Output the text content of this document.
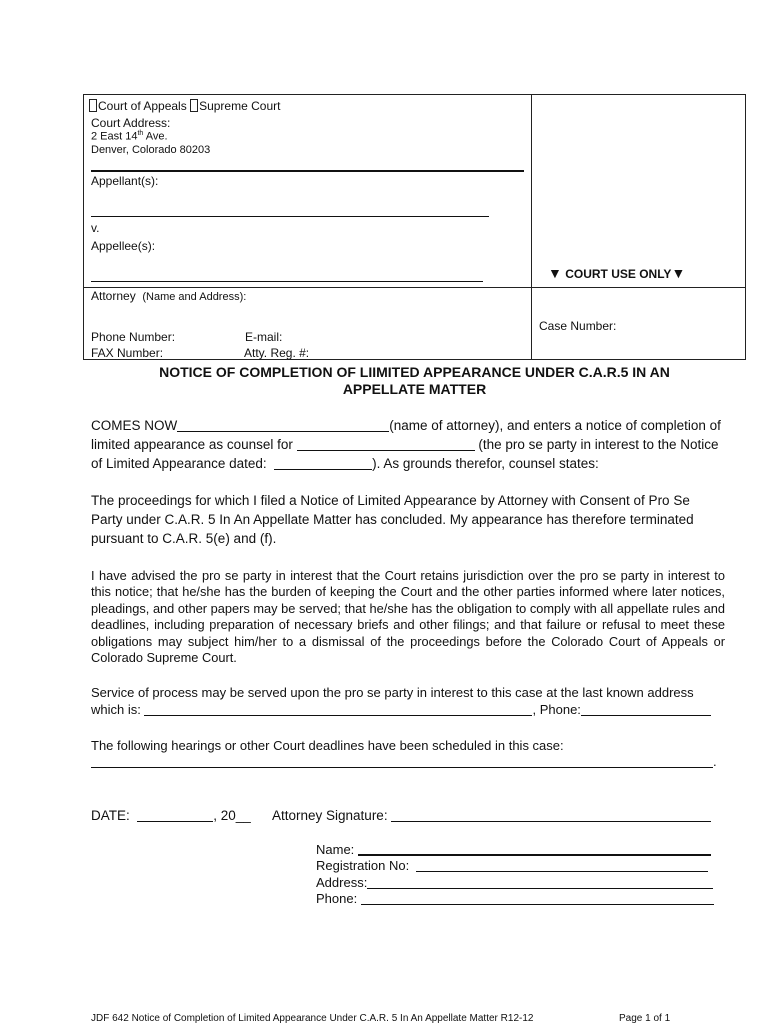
Court of Appeals Supreme Court
Court Address:
2 East 14th Ave.
Denver, Colorado 80203
Appellant(s):
v.
Appellee(s):
▼ COURT USE ONLY▼
Attorney (Name and Address):
Phone Number:	E-mail:
FAX Number:	Atty. Reg. #:
Case Number:
NOTICE OF COMPLETION OF LIIMITED APPEARANCE UNDER C.A.R.5 IN AN
APPELLATE MATTER
COMES NOW	(name of attorney), and enters a notice of completion of
limited appearance as counsel for	(the pro se party in interest to the Notice
of Limited Appearance dated:	). As grounds therefor, counsel states:
The proceedings for which I filed a Notice of Limited Appearance by Attorney with Consent of Pro Se Party under C.A.R. 5 In An Appellate Matter has concluded. My appearance has therefore terminated pursuant to C.A.R. 5(e) and (f).
I have advised the pro se party in interest that the Court retains jurisdiction over the pro se party in interest to this notice; that he/she has the burden of keeping the Court and the other parties informed where later notices, pleadings, and other papers may be served; that he/she has the obligation to comply with all appellate rules and deadlines, including preparation of necessary briefs and other filings; and that failure or refusal to meet these obligations may subject him/her to a dismissal of the proceedings before the Colorado Court of Appeals or Colorado Supreme Court.
Service of process may be served upon the pro se party in interest to this case at the last known address
which is:	, Phone:
The following hearings or other Court deadlines have been scheduled in this case:
.
DATE:	, 20__ Attorney Signature:
Name:
Registration No:
Address:
Phone:
JDF 642 Notice of Completion of Limited Appearance Under C.A.R. 5 In An Appellate Matter R12-12	Page 1 of 1
